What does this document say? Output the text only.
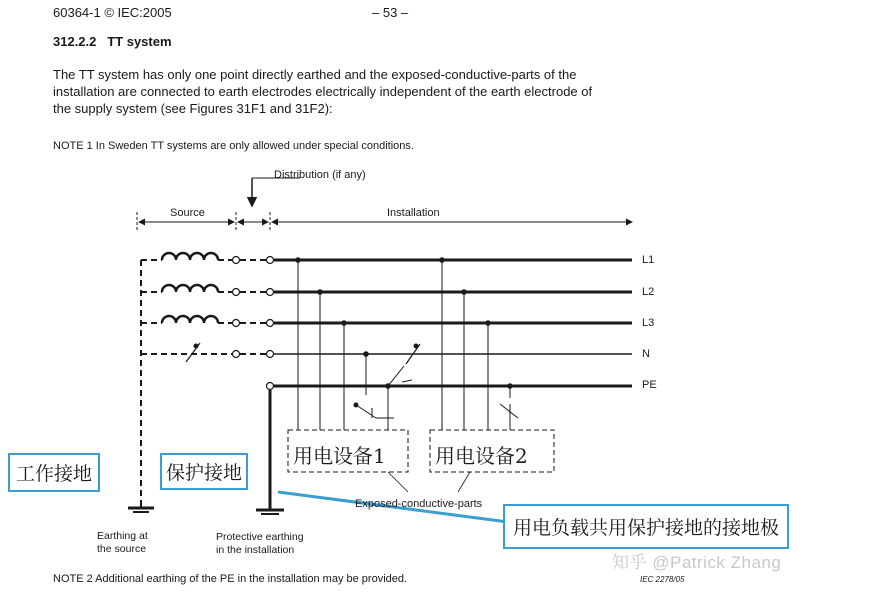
60364-1 © IEC:2005	– 53 –
312.2.2 TT system
The TT system has only one point directly earthed and the exposed-conductive-parts of the
installation are connected to earth electrodes electrically independent of the earth electrode of
the supply system (see Figures 31F1 and 31F2):
NOTE 1 In Sweden TT systems are only allowed under special conditions.
Distribution (if any)
Source	Installation
L1
L2
L3
N
PE
用电设备1 用电设备2
Exposed-conductive-parts
Earthing at
the source
Protective earthing
in the installation
工作接地	保护接地
用电负载共用保护接地的接地极
NOTE 2 Additional earthing of the PE in the installation may be provided.	IEC 2278/05
知乎 @Patrick Zhang
